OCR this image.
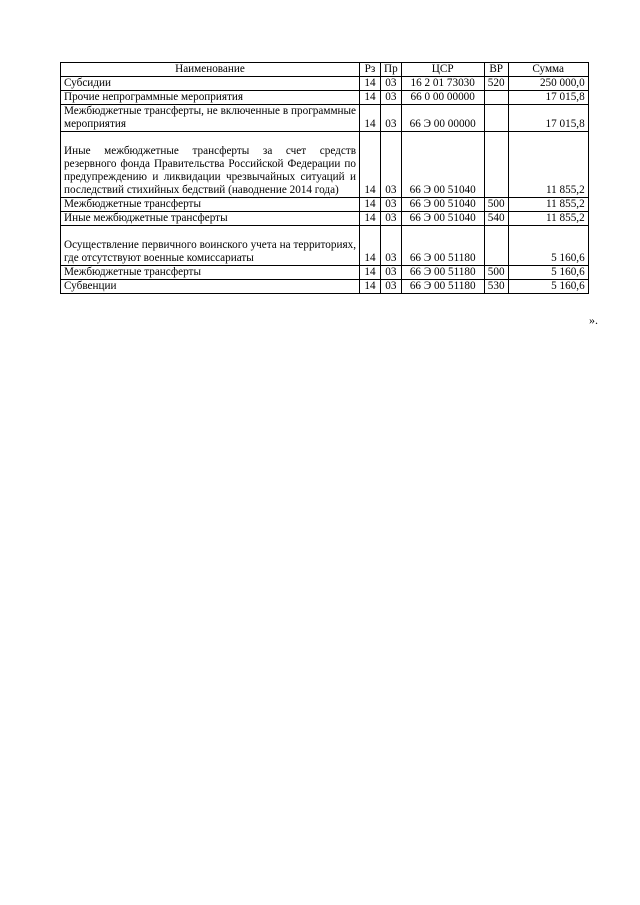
Наименование	Рз	Пр	ЦСР	ВР	Сумма
Субсидии	14	03	16 2 01 73030	520	250 000,0
Прочие непрограммные мероприятия	14	03	66 0 00 00000		17 015,8
Межбюджетные трансферты, не включенные в программные мероприятия	14	03	66 Э 00 00000		17 015,8
Иные межбюджетные трансферты за счет средств резервного фонда Правительства Российской Федерации по предупреждению и ликвидации чрезвычайных ситуаций и последствий стихийных бедствий (наводнение 2014 года)	14	03	66 Э 00 51040		11 855,2
Межбюджетные трансферты	14	03	66 Э 00 51040	500	11 855,2
Иные межбюджетные трансферты	14	03	66 Э 00 51040	540	11 855,2
Осуществление первичного воинского учета на территориях, где отсутствуют военные комиссариаты	14	03	66 Э 00 51180		5 160,6
Межбюджетные трансферты	14	03	66 Э 00 51180	500	5 160,6
Субвенции	14	03	66 Э 00 51180	530	5 160,6
».
